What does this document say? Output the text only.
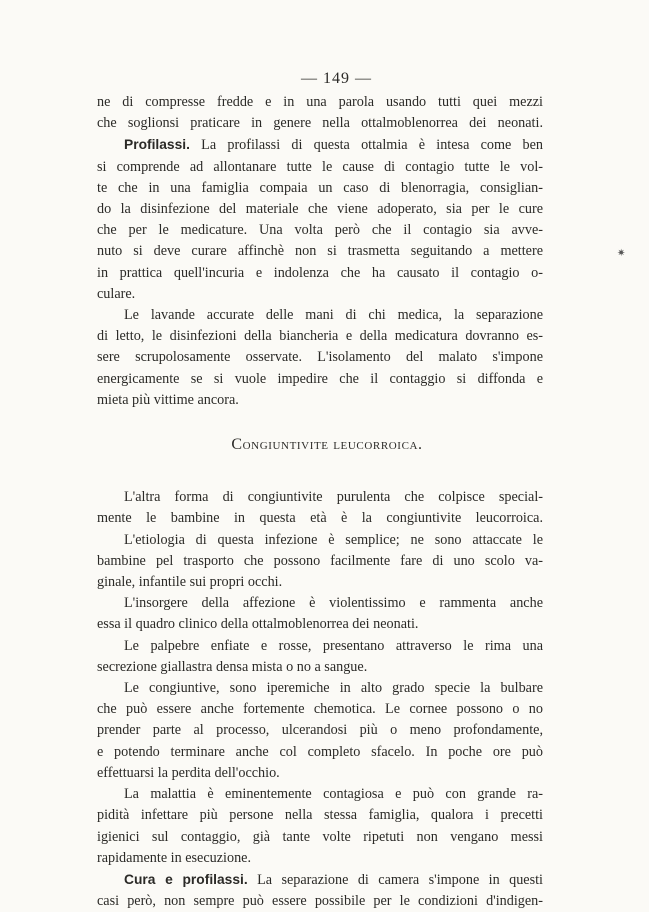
— 149 —
ne di compresse fredde e in una parola usando tutti quei mezzi
che soglionsi praticare in genere nella ottalmoblenorrea dei neonati.
Profilassi. La profilassi di questa ottalmia è intesa come ben
si comprende ad allontanare tutte le cause di contagio tutte le vol-
te che in una famiglia compaia un caso di blenorragia, consiglian-
do la disinfezione del materiale che viene adoperato, sia per le cure
che per le medicature. Una volta però che il contagio sia avve-
nuto si deve curare affinchè non si trasmetta seguitando a mettere
in prattica quell'incuria e indolenza che ha causato il contagio o-
culare.
Le lavande accurate delle mani di chi medica, la separazione
di letto, le disinfezioni della biancheria e della medicatura dovranno es-
sere scrupolosamente osservate. L'isolamento del malato s'impone
energicamente se si vuole impedire che il contaggio si diffonda e
mieta più vittime ancora.
Congiuntivite leucorroica.
L'altra forma di congiuntivite purulenta che colpisce special-
mente le bambine in questa età è la congiuntivite leucorroica.
L'etiologia di questa infezione è semplice; ne sono attaccate le
bambine pel trasporto che possono facilmente fare di uno scolo va-
ginale, infantile sui propri occhi.
L'insorgere della affezione è violentissimo e rammenta anche
essa il quadro clinico della ottalmoblenorrea dei neonati.
Le palpebre enfiate e rosse, presentano attraverso le rima una
secrezione giallastra densa mista o no a sangue.
Le congiuntive, sono iperemiche in alto grado specie la bulbare
che può essere anche fortemente chemotica. Le cornee possono o no
prender parte al processo, ulcerandosi più o meno profondamente,
e potendo terminare anche col completo sfacelo. In poche ore può
effettuarsi la perdita dell'occhio.
La malattia è eminentemente contagiosa e può con grande ra-
pidità infettare più persone nella stessa famiglia, qualora i precetti
igienici sul contaggio, già tante volte ripetuti non vengano messi
rapidamente in esecuzione.
Cura e profilassi. La separazione di camera s'impone in questi
casi però, non sempre può essere possibile per le condizioni d'indigen-
✷
